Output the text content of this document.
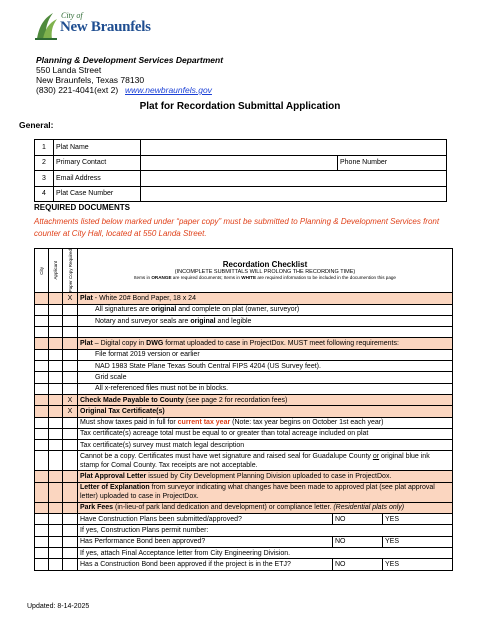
City of
New Braunfels
Planning & Development Services Department
550 Landa Street
New Braunfels, Texas 78130
(830) 221-4041(ext 2) www.newbraunfels.gov
Plat for Recordation Submittal Application
General:
1	Plat Name		
2	Primary Contact		Phone Number
3	Email Address		
4	Plat Case Number		
REQUIRED DOCUMENTS
Attachments listed below marked under “paper copy” must be submitted to Planning & Development Services front counter at City Hall, located at 550 Landa Street.
City	Applicant	Paper Copy Required	Recordation Checklist
(INCOMPLETE SUBMITTALS WILL PROLONG THE RECORDING TIME)
Items in ORANGE are required documents; Items in WHITE are required information to be included in the documention this page		

		X	Plat - White 20# Bond Paper, 18 x 24		
			All signatures are original and complete on plat (owner, surveyor)		
			Notary and surveyor seals are original and legible		

			Plat – Digital copy in DWG format uploaded to case in ProjectDox. MUST meet following requirements:		
			File format 2019 version or earlier		
			NAD 1983 State Plane Texas South Central FIPS 4204 (US Survey feet).		
			Grid scale		
			All x-referenced files must not be in blocks.		
		X	Check Made Payable to County (see page 2 for recordation fees)		
		X	Original Tax Certificate(s)		
			Must show taxes paid in full for current tax year (Note: tax year begins on October 1st each year)		
			Tax certificate(s) acreage total must be equal to or greater than total acreage included on plat		
			Tax certificate(s) survey must match legal description		
			Cannot be a copy. Certificates must have wet signature and raised seal for Guadalupe County or original blue ink stamp for Comal County. Tax receipts are not acceptable.		
			Plat Approval Letter issued by City Development Planning Division uploaded to case in ProjectDox.		
			Letter of Explanation from surveyor indicating what changes have been made to approved plat (see plat approval letter) uploaded to case in ProjectDox.		
			Park Fees (in-lieu-of park land dedication and development) or compliance letter. (Residential plats only)		
			Have Construction Plans been submitted/approved?	NO	YES
			If yes, Construction Plans permit number:		
			Has Performance Bond been approved?	NO	YES
			If yes, attach Final Acceptance letter from City Engineering Division.		
			Has a Construction Bond been approved if the project is in the ETJ?	NO	YES
Updated: 8-14-2025
